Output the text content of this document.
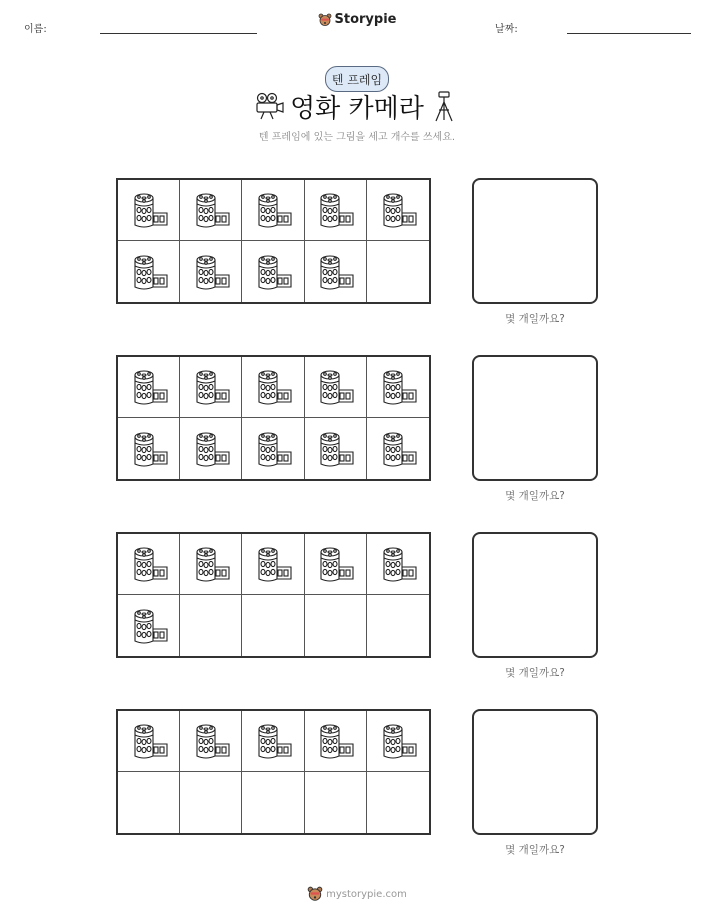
이름:
Storypie
날짜:
텐 프레임
영화 카메라
텐 프레임에 있는 그림을 세고 개수를 쓰세요.
몇 개일까요?
몇 개일까요?
몇 개일까요?
몇 개일까요?
mystorypie.com
